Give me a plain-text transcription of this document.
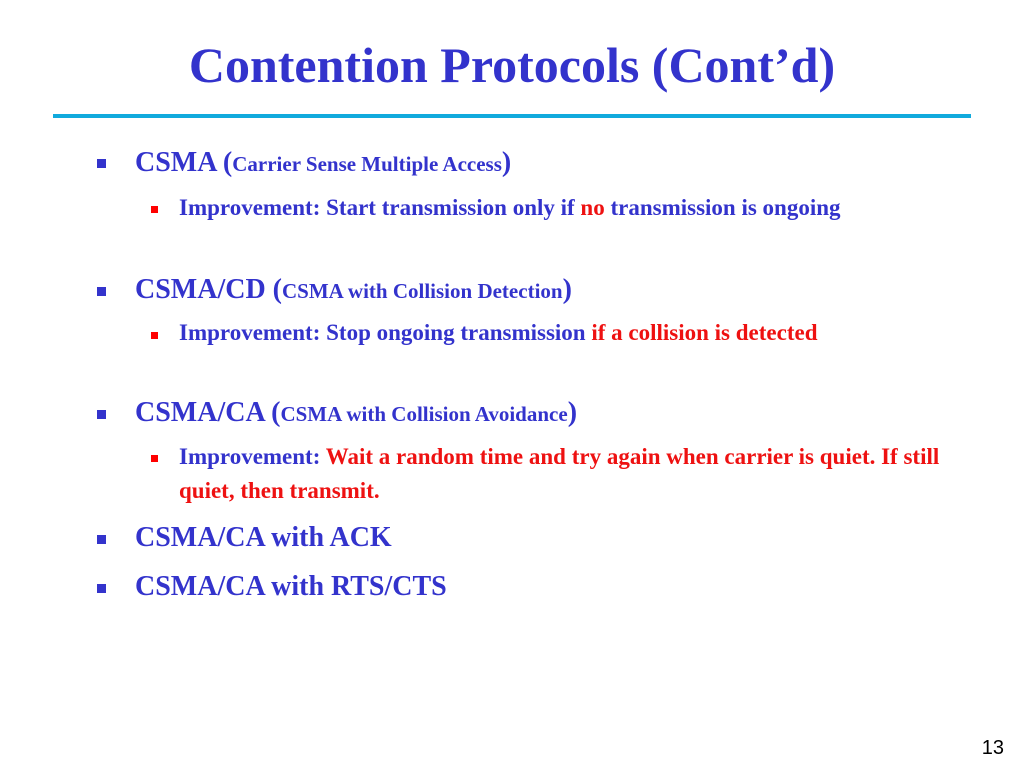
Contention Protocols (Cont’d)
CSMA (Carrier Sense Multiple Access)
Improvement: Start transmission only if no transmission is ongoing
CSMA/CD (CSMA with Collision Detection)
Improvement: Stop ongoing transmission if a collision is detected
CSMA/CA (CSMA with Collision Avoidance)
Improvement: Wait a random time and try again when carrier is quiet. If still quiet, then transmit.
CSMA/CA with ACK
CSMA/CA with RTS/CTS
13
